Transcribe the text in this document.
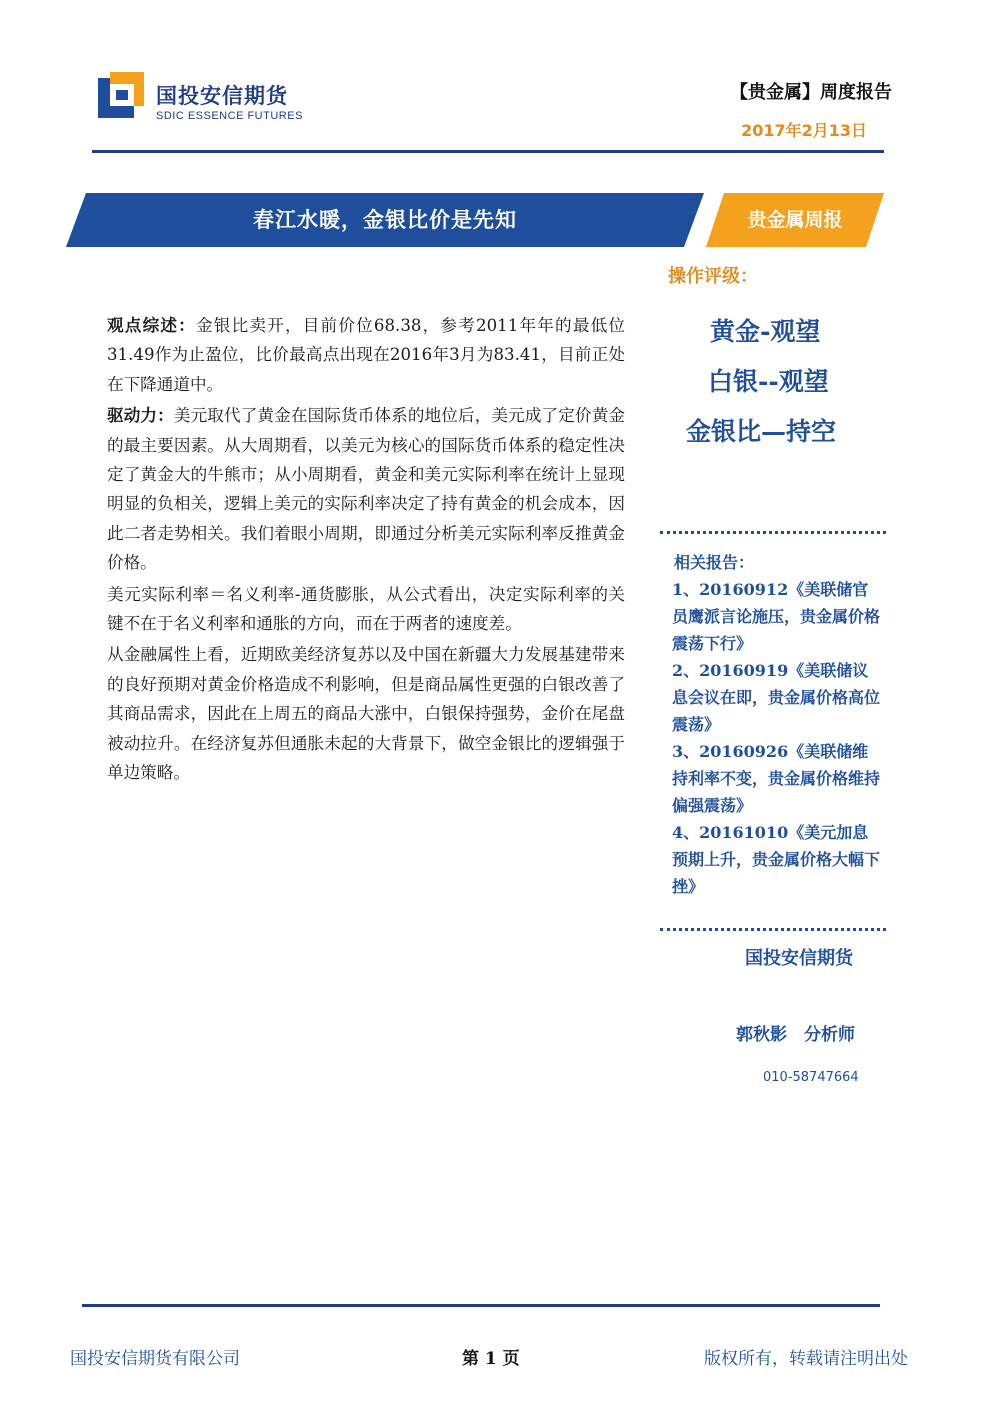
国投安信期货
SDIC ESSENCE FUTURES
【贵金属】周度报告
2017年2月13日
春江水暖，金银比价是先知	贵金属周报
操作评级：
黄金-观望
白银--观望
金银比—持空
相关报告：
1、20160912《美联储官员鹰派言论施压，贵金属价格震荡下行》
2、20160919《美联储议息会议在即，贵金属价格高位震荡》
3、20160926《美联储维持利率不变，贵金属价格维持偏强震荡》
4、20161010《美元加息预期上升，贵金属价格大幅下挫》
国投安信期货
郭秋影　分析师
010-58747664

观点综述：金银比卖开，目前价位68.38，参考2011年年的最低位31.49作为止盈位，比价最高点出现在2016年3月为83.41，目前正处在下降通道中。

驱动力：美元取代了黄金在国际货币体系的地位后，美元成了定价黄金的最主要因素。从大周期看，以美元为核心的国际货币体系的稳定性决定了黄金大的牛熊市；从小周期看，黄金和美元实际利率在统计上显现明显的负相关，逻辑上美元的实际利率决定了持有黄金的机会成本，因此二者走势相关。我们着眼小周期，即通过分析美元实际利率反推黄金价格。

美元实际利率＝名义利率-通货膨胀，从公式看出，决定实际利率的关键不在于名义利率和通胀的方向，而在于两者的速度差。

从金融属性上看，近期欧美经济复苏以及中国在新疆大力发展基建带来的良好预期对黄金价格造成不利影响，但是商品属性更强的白银改善了其商品需求，因此在上周五的商品大涨中，白银保持强势，金价在尾盘被动拉升。在经济复苏但通胀未起的大背景下，做空金银比的逻辑强于单边策略。

国投安信期货有限公司	第 1 页	版权所有，转载请注明出处
